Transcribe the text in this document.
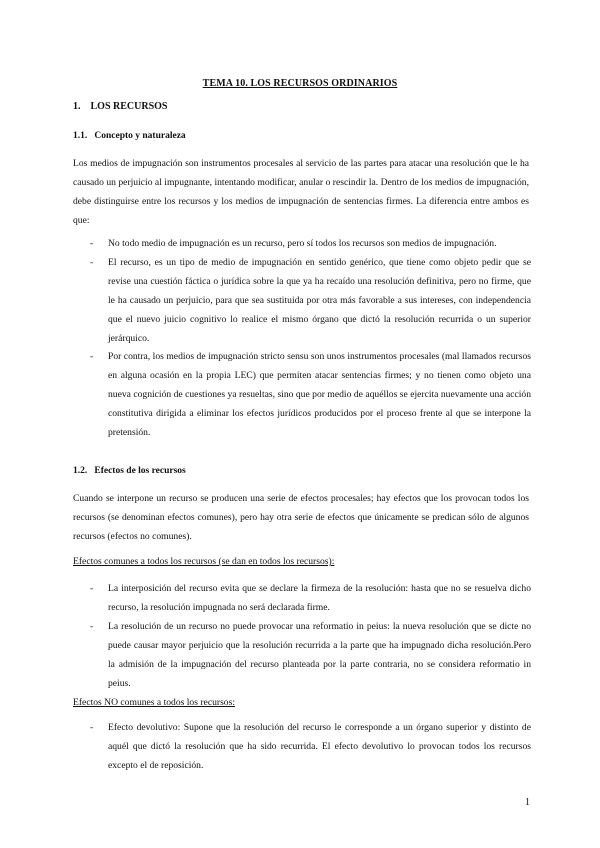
TEMA 10. LOS RECURSOS ORDINARIOS
1. LOS RECURSOS
1.1. Concepto y naturaleza

Los medios de impugnación son instrumentos procesales al servicio de las partes para atacar una resolución que le ha causado un perjuicio al impugnante, intentando modificar, anular o rescindir la. Dentro de los medios de impugnación, debe distinguirse entre los recursos y los medios de impugnación de sentencias firmes. La diferencia entre ambos es que:

- No todo medio de impugnación es un recurso, pero sí todos los recursos son medios de impugnación.
- El recurso, es un tipo de medio de impugnación en sentido genérico, que tiene como objeto pedir que se revise una cuestión fáctica o jurídica sobre la que ya ha recaído una resolución definitiva, pero no firme, que le ha causado un perjuicio, para que sea sustituida por otra más favorable a sus intereses, con independencia que el nuevo juicio cognitivo lo realice el mismo órgano que dictó la resolución recurrida o un superior jerárquico.
- Por contra, los medios de impugnación stricto sensu son unos instrumentos procesales (mal llamados recursos en alguna ocasión en la propia LEC) que permiten atacar sentencias firmes; y no tienen como objeto una nueva cognición de cuestiones ya resueltas, sino que por medio de aquéllos se ejercita nuevamente una acción constitutiva dirigida a eliminar los efectos jurídicos producidos por el proceso frente al que se interpone la pretensión.
1.2. Efectos de los recursos

Cuando se interpone un recurso se producen una serie de efectos procesales; hay efectos que los provocan todos los recursos (se denominan efectos comunes), pero hay otra serie de efectos que únicamente se predican sólo de algunos recursos (efectos no comunes).

Efectos comunes a todos los recursos (se dan en todos los recursos):
- La interposición del recurso evita que se declare la firmeza de la resolución: hasta que no se resuelva dicho recurso, la resolución impugnada no será declarada firme.
- La resolución de un recurso no puede provocar una reformatio in peius: la nueva resolución que se dicte no puede causar mayor perjuicio que la resolución recurrida a la parte que ha impugnado dicha resolución.Pero la admisión de la impugnación del recurso planteada por la parte contraria, no se considera reformatio in peius.
Efectos NO comunes a todos los recursos:
- Efecto devolutivo: Supone que la resolución del recurso le corresponde a un órgano superior y distinto de aquél que dictó la resolución que ha sido recurrida. El efecto devolutivo lo provocan todos los recursos excepto el de reposición.
1
